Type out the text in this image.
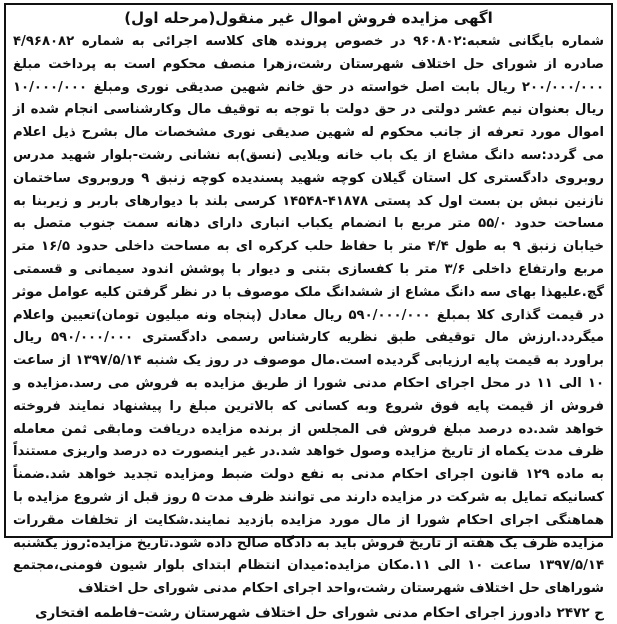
اگهی مزایده فروش اموال غیر منقول(مرحله اول)

شماره بایگانی شعبه:۹۶۰۸۰۲ در خصوص پرونده های کلاسه اجرائی به شماره ۴/۹۶۸۰۸۲ صادره از شورای حل اختلاف شهرستان رشت،زهرا منصف محکوم است به پرداخت مبلغ ۲۰۰/۰۰۰/۰۰۰ ریال بابت اصل خواسته در حق خانم شهین صدیقی نوری ومبلغ ۱۰/۰۰۰/۰۰۰ ریال بعنوان نیم عشر دولتی در حق دولت با توجه به توقیف مال وکارشناسی انجام شده از اموال مورد تعرفه از جانب محکوم له شهین صدیقی نوری مشخصات مال بشرح ذیل اعلام می گردد:سه دانگ مشاع از یک باب خانه ویلایی (نسق)به نشانی رشت-بلوار شهید مدرس روبروی دادگستری کل استان گیلان کوچه شهید پسندیده کوچه زنبق ۹ وروبروی ساختمان نازنین نبش بن بست اول کد پستی ۴۱۸۷۸-۱۴۵۴۸ کرسی بلند با دیوارهای باربر و زیربنا به مساحت حدود ۵۵/۰ متر مربع با انضمام یکباب انباری دارای دهانه سمت جنوب متصل به خیابان زنبق ۹ به طول ۴/۴ متر با حفاظ حلب کرکره ای به مساحت داخلی حدود ۱۶/۵ متر مربع وارتفاع داخلی ۳/۶ متر با کفسازی بتنی و دیوار با پوشش اندود سیمانی و قسمتی گچ.علیهذا بهای سه دانگ مشاع از ششدانگ ملک موصوف با در نظر گرفتن کلیه عوامل موثر در قیمت گذاری کلا بمبلغ ۵۹۰/۰۰۰/۰۰۰ ریال معادل (پنجاه ونه میلیون تومان)تعیین واعلام میگردد.ارزش مال توقیفی طبق نظریه کارشناس رسمی دادگستری ۵۹۰/۰۰۰/۰۰۰ ریال براورد به قیمت پایه ارزیابی گردیده است.مال موصوف در روز یک شنبه ۱۳۹۷/۵/۱۴ از ساعت ۱۰ الی ۱۱ در محل اجرای احکام مدنی شورا از طریق مزایده به فروش می رسد.مزایده و فروش از قیمت پایه فوق شروع وبه کسانی که بالاترین مبلغ را پیشنهاد نمایند فروخته خواهد شد.ده درصد مبلغ فروش فی المجلس از برنده مزایده دریافت ومابقی ثمن معامله ظرف مدت یکماه از تاریخ مزایده وصول خواهد شد.در غیر اینصورت ده درصد واریزی مستنداً به ماده ۱۲۹ قانون اجرای احکام مدنی به نفع دولت ضبط ومزایده تجدید خواهد شد.ضمناً کسانیکه تمایل به شرکت در مزایده دارند می توانند ظرف مدت ۵ روز قبل از شروع مزایده با هماهنگی اجرای احکام شورا از مال مورد مزایده بازدید نمایند.شکایت از تخلفات مقررات مزایده ظرف یک هفته از تاریخ فروش باید به دادگاه صالح داده شود.تاریخ مزایده:روز یکشنبه ۱۳۹۷/۵/۱۴ ساعت ۱۰ الی ۱۱.مکان مزایده:میدان انتظام ابتدای بلوار شیون فومنی،مجتمع شوراهای حل اختلاف شهرستان رشت،واحد اجرای احکام مدنی شورای حل اختلاف

ح ۲۴۷۲
دادورز اجرای احکام مدنی شورای حل اختلاف شهرستان رشت–فاطمه افتخاری
